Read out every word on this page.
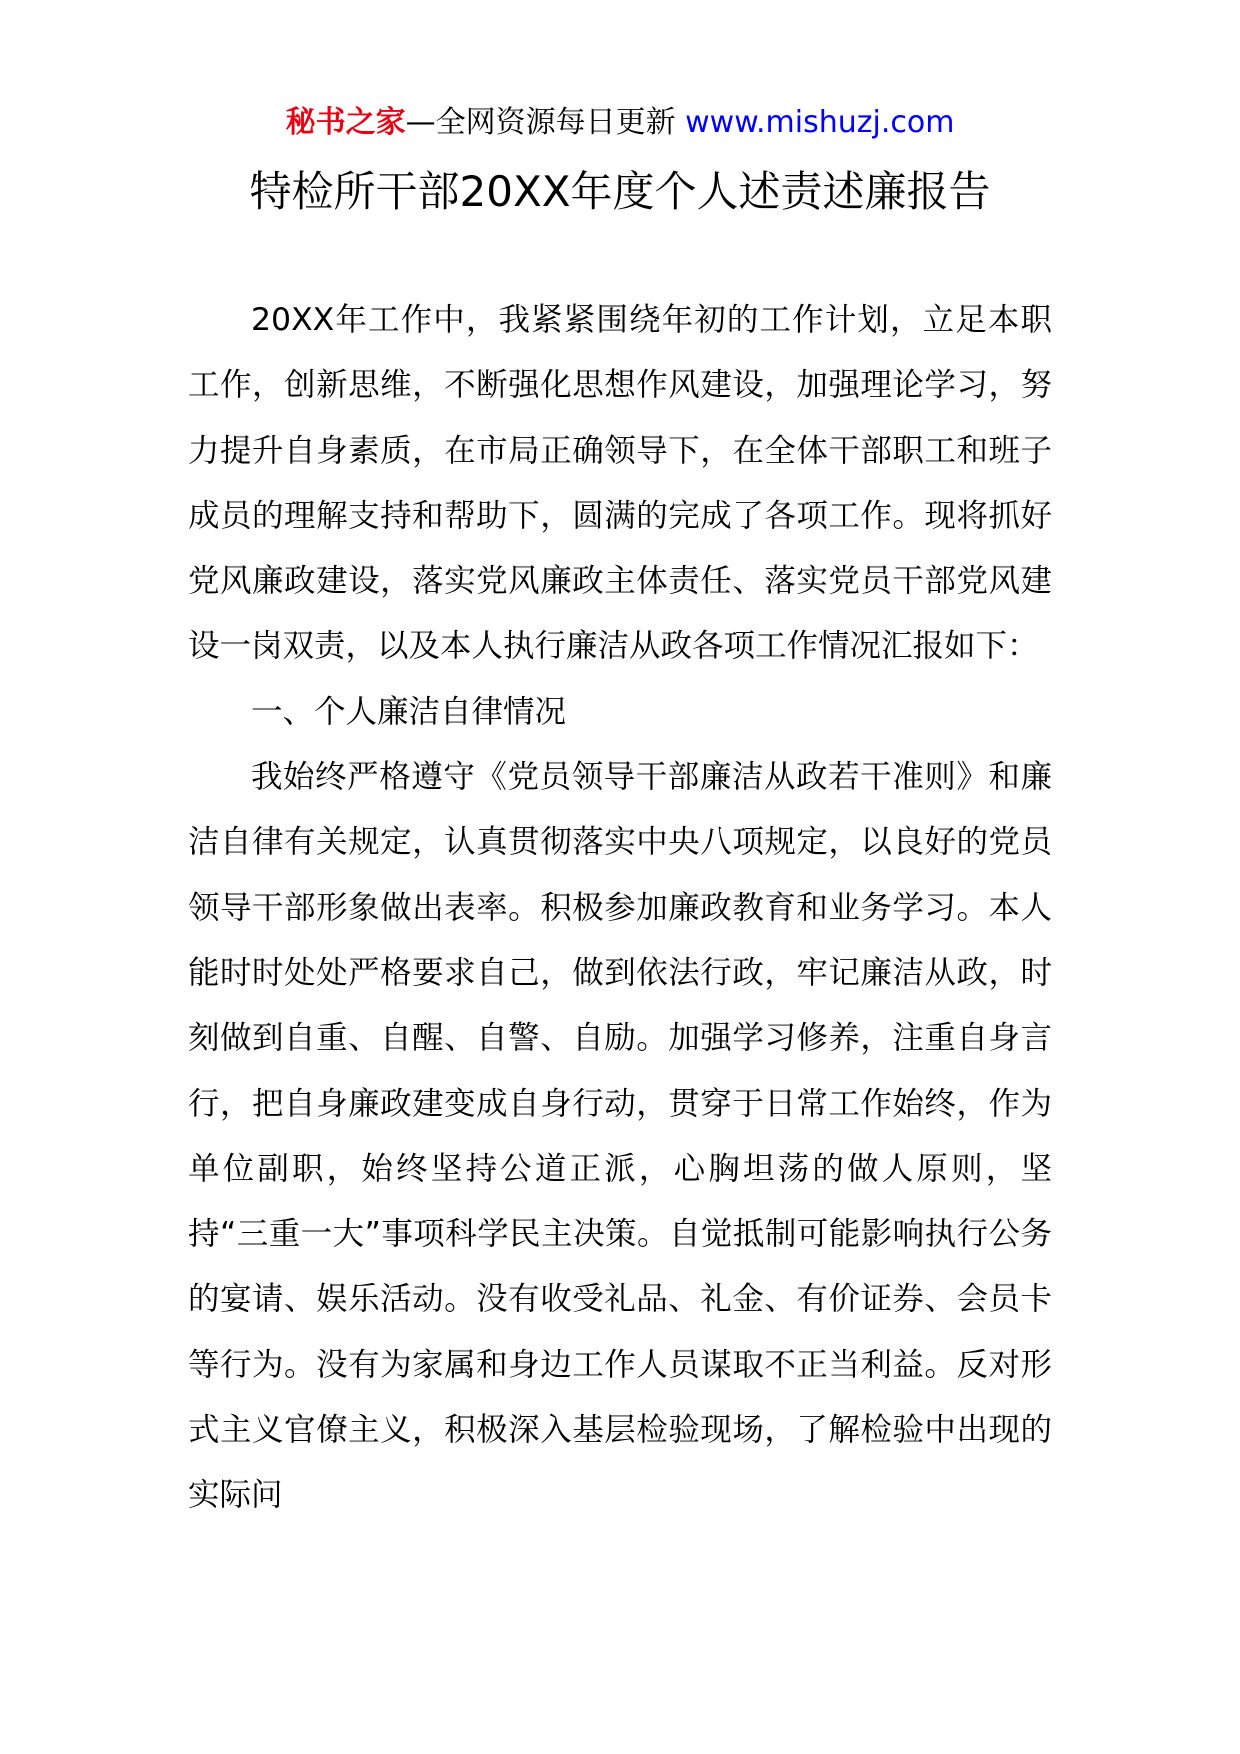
秘书之家—全网资源每日更新 www.mishuzj.com
特检所干部20XX年度个人述责述廉报告

20XX年工作中，我紧紧围绕年初的工作计划，立足本职工作，创新思维，不断强化思想作风建设，加强理论学习，努力提升自身素质，在市局正确领导下，在全体干部职工和班子成员的理解支持和帮助下，圆满的完成了各项工作。现将抓好党风廉政建设，落实党风廉政主体责任、落实党员干部党风建设一岗双责，以及本人执行廉洁从政各项工作情况汇报如下：

一、个人廉洁自律情况

我始终严格遵守《党员领导干部廉洁从政若干准则》和廉洁自律有关规定，认真贯彻落实中央八项规定，以良好的党员领导干部形象做出表率。积极参加廉政教育和业务学习。本人能时时处处严格要求自己，做到依法行政，牢记廉洁从政，时刻做到自重、自醒、自警、自励。加强学习修养，注重自身言行，把自身廉政建变成自身行动，贯穿于日常工作始终，作为单位副职，始终坚持公道正派，心胸坦荡的做人原则，坚持“三重一大”事项科学民主决策。自觉抵制可能影响执行公务的宴请、娱乐活动。没有收受礼品、礼金、有价证券、会员卡等行为。没有为家属和身边工作人员谋取不正当利益。反对形式主义官僚主义，积极深入基层检验现场，了解检验中出现的实际问
